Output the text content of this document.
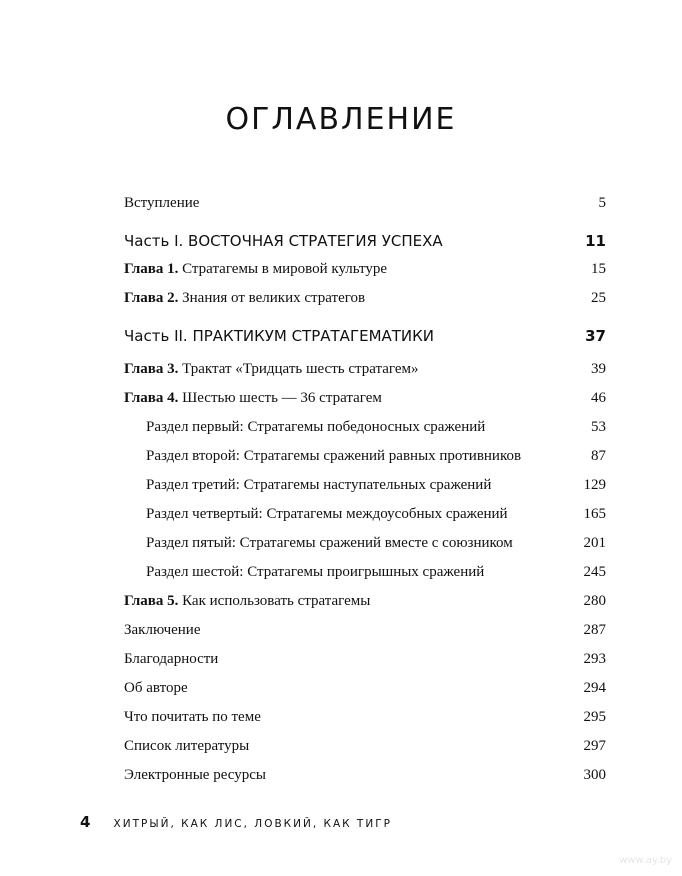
ОГЛАВЛЕНИЕ
Вступление	5
Часть I. ВОСТОЧНАЯ СТРАТЕГИЯ УСПЕХА	11
Глава 1. Стратагемы в мировой культуре	15
Глава 2. Знания от великих стратегов	25
Часть II. ПРАКТИКУМ СТРАТАГЕМАТИКИ	37
Глава 3. Трактат «Тридцать шесть стратагем»	39
Глава 4. Шестью шесть — 36 стратагем	46
Раздел первый: Стратагемы победоносных сражений	53
Раздел второй: Стратагемы сражений равных противников	87
Раздел третий: Стратагемы наступательных сражений	129
Раздел четвертый: Стратагемы междоусобных сражений	165
Раздел пятый: Стратагемы сражений вместе с союзником	201
Раздел шестой: Стратагемы проигрышных сражений	245
Глава 5. Как использовать стратагемы	280
Заключение	287
Благодарности	293
Об авторе	294
Что почитать по теме	295
Список литературы	297
Электронные ресурсы	300
4 ХИТРЫЙ, КАК ЛИС, ЛОВКИЙ, КАК ТИГР
www.ay.by
